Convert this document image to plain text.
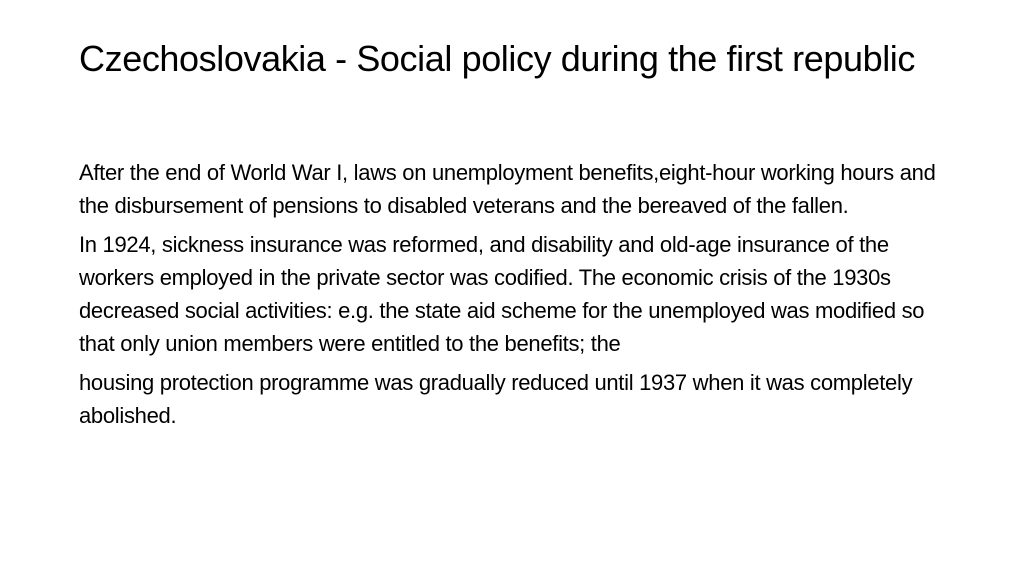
Czechoslovakia - Social policy during the first republic

After the end of World War I, laws on unemployment benefits,eight-hour working hours and the disbursement of pensions to disabled veterans and the bereaved of the fallen.

In 1924, sickness insurance was reformed, and disability and old-age insurance of the workers employed in the private sector was codified. The economic crisis of the 1930s decreased social activities: e.g. the state aid scheme for the unemployed was modified so that only union members were entitled to the benefits; the

housing protection programme was gradually reduced until 1937 when it was completely abolished.
